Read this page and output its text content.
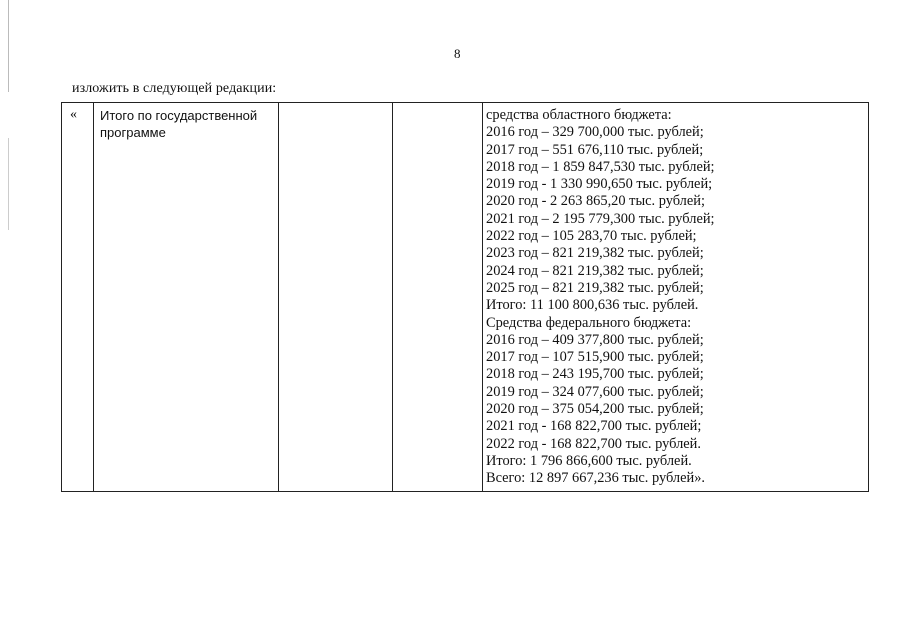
8
изложить в следующей редакции:
« Итого по государственной программе
средства областного бюджета:
2016 год – 329 700,000 тыс. рублей;
2017 год – 551 676,110 тыс. рублей;
2018 год – 1 859 847,530 тыс. рублей;
2019 год - 1 330 990,650 тыс. рублей;
2020 год - 2 263 865,20 тыс. рублей;
2021 год – 2 195 779,300 тыс. рублей;
2022 год – 105 283,70 тыс. рублей;
2023 год – 821 219,382 тыс. рублей;
2024 год – 821 219,382 тыс. рублей;
2025 год – 821 219,382 тыс. рублей;
Итого: 11 100 800,636 тыс. рублей.
Средства федерального бюджета:
2016 год – 409 377,800 тыс. рублей;
2017 год – 107 515,900 тыс. рублей;
2018 год – 243 195,700 тыс. рублей;
2019 год – 324 077,600 тыс. рублей;
2020 год – 375 054,200 тыс. рублей;
2021 год - 168 822,700 тыс. рублей;
2022 год - 168 822,700 тыс. рублей.
Итого: 1 796 866,600 тыс. рублей.
Всего: 12 897 667,236 тыс. рублей».
